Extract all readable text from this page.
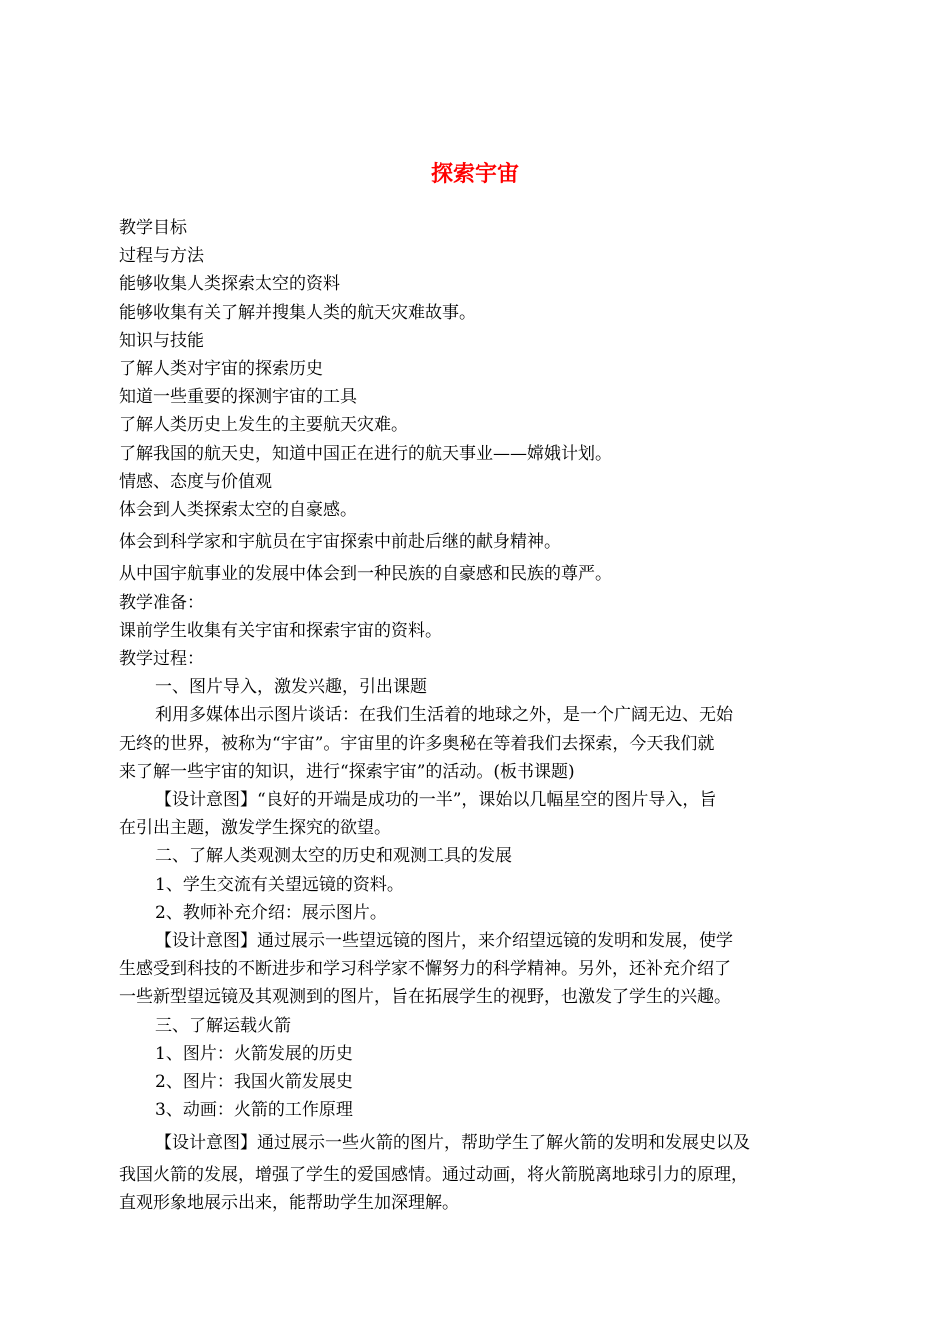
探索宇宙

教学目标

过程与方法

能够收集人类探索太空的资料

能够收集有关了解并搜集人类的航天灾难故事。

知识与技能

了解人类对宇宙的探索历史

知道一些重要的探测宇宙的工具

了解人类历史上发生的主要航天灾难。

了解我国的航天史，知道中国正在进行的航天事业——嫦娥计划。

情感、态度与价值观

体会到人类探索太空的自豪感。

体会到科学家和宇航员在宇宙探索中前赴后继的献身精神。

从中国宇航事业的发展中体会到一种民族的自豪感和民族的尊严。

教学准备：

课前学生收集有关宇宙和探索宇宙的资料。

教学过程：

一、图片导入，激发兴趣，引出课题

利用多媒体出示图片谈话：在我们生活着的地球之外，是一个广阔无边、无始

无终的世界，被称为“宇宙”。宇宙里的许多奥秘在等着我们去探索，今天我们就

来了解一些宇宙的知识，进行“探索宇宙”的活动。(板书课题)

【设计意图】“良好的开端是成功的一半”，课始以几幅星空的图片导入，旨

在引出主题，激发学生探究的欲望。

二、了解人类观测太空的历史和观测工具的发展

1、学生交流有关望远镜的资料。

2、教师补充介绍：展示图片。

【设计意图】通过展示一些望远镜的图片，来介绍望远镜的发明和发展，使学

生感受到科技的不断进步和学习科学家不懈努力的科学精神。另外，还补充介绍了

一些新型望远镜及其观测到的图片，旨在拓展学生的视野，也激发了学生的兴趣。

三、了解运载火箭

1、图片：火箭发展的历史

2、图片：我国火箭发展史

3、动画：火箭的工作原理

【设计意图】通过展示一些火箭的图片，帮助学生了解火箭的发明和发展史以及

我国火箭的发展，增强了学生的爱国感情。通过动画，将火箭脱离地球引力的原理，

直观形象地展示出来，能帮助学生加深理解。
